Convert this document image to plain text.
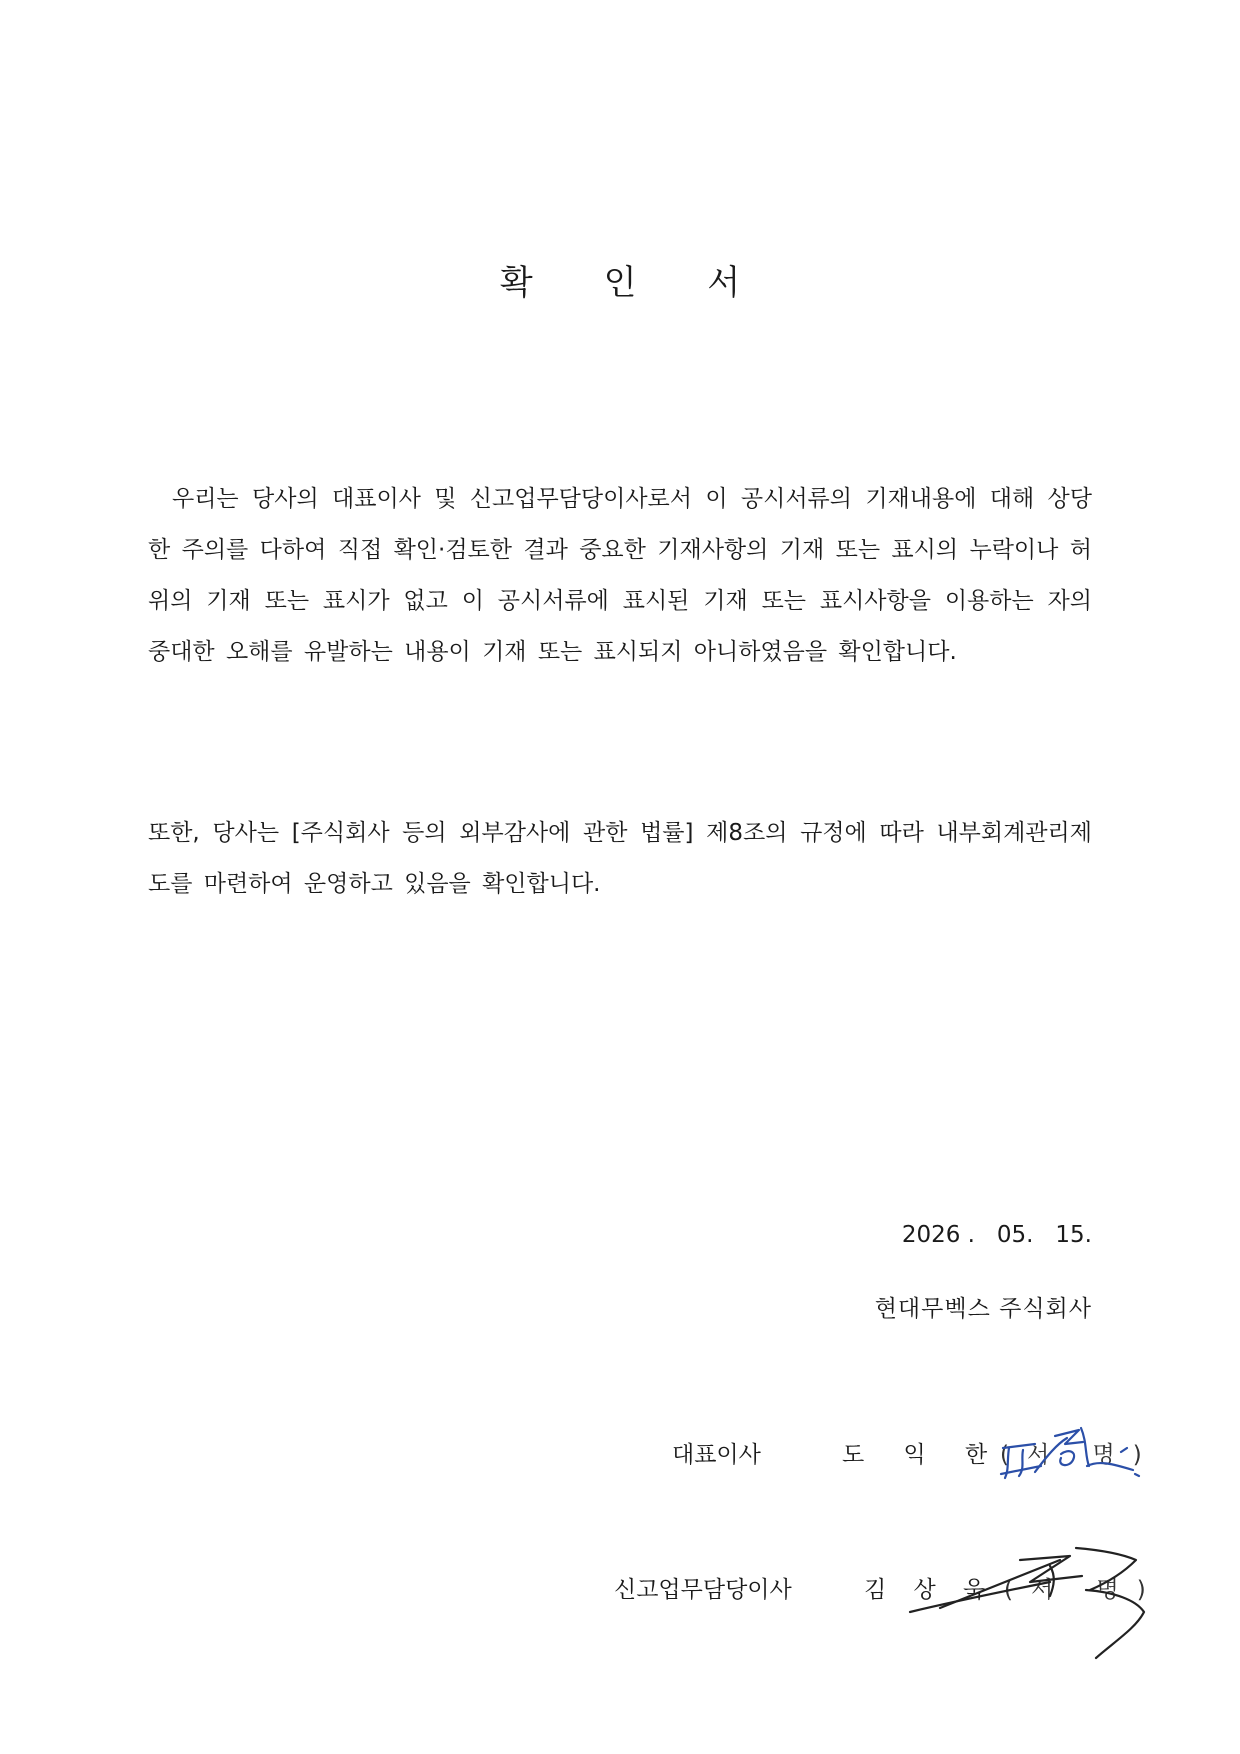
확 인 서

우리는 당사의 대표이사 및 신고업무담당이사로서 이 공시서류의 기재내용에 대해 상당한 주의를 다하여 직접 확인·검토한 결과 중요한 기재사항의 기재 또는 표시의 누락이나 허위의 기재 또는 표시가 없고 이 공시서류에 표시된 기재 또는 표시사항을 이용하는 자의 중대한 오해를 유발하는 내용이 기재 또는 표시되지 아니하였음을 확인합니다.

또한, 당사는 [주식회사 등의 외부감사에 관한 법률] 제8조의 규정에 따라 내부회계관리제도를 마련하여 운영하고 있음을 확인합니다.

2026 .   05.   15.
현대무벡스 주식회사
대표이사	도 익 한
(서 명)
신고업무담당이사	김 상 욱 (서 명)
